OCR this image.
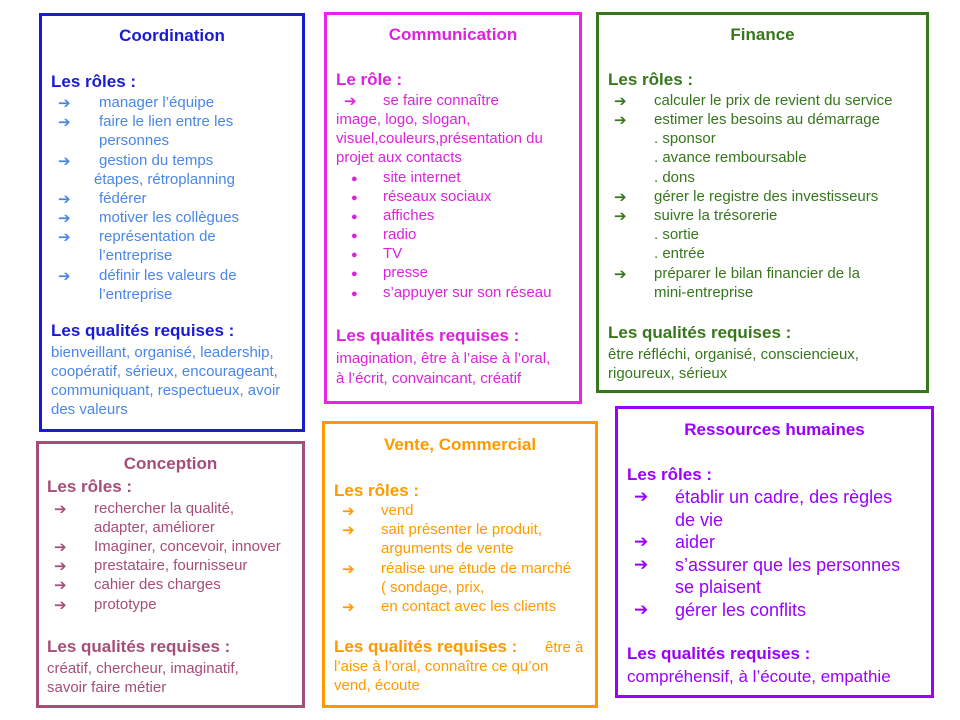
Coordination
Les rôles :
➔ manager l’équipe
➔ faire le lien entre les
personnes
➔ gestion du temps
étapes, rétroplanning
➔ fédérer
➔ motiver les collègues
➔ représentation de
l’entreprise
➔ définir les valeurs de
l’entreprise
Les qualités requises :
bienveillant, organisé, leadership,
coopératif, sérieux, encourageant,
communiquant, respectueux, avoir
des valeurs
Communication
Le rôle :
➔ se faire connaître
image, logo, slogan,
visuel,couleurs,présentation du
projet aux contacts
● site internet
● réseaux sociaux
● affiches
● radio
● TV
● presse
● s’appuyer sur son réseau
Les qualités requises :
imagination, être à l’aise à l’oral,
à l’écrit, convaincant, créatif
Finance
Les rôles :
➔ calculer le prix de revient du service
➔ estimer les besoins au démarrage
. sponsor
. avance remboursable
. dons
➔ gérer le registre des investisseurs
➔ suivre la trésorerie
. sortie
. entrée
➔ préparer le bilan financier de la
mini-entreprise
Les qualités requises :
être réfléchi, organisé, consciencieux,
rigoureux, sérieux
Conception
Les rôles :
➔ rechercher la qualité,
adapter, améliorer
➔ Imaginer, concevoir, innover
➔ prestataire, fournisseur
➔ cahier des charges
➔ prototype
Les qualités requises :
créatif, chercheur, imaginatif,
savoir faire métier
Vente, Commercial
Les rôles :
➔ vend
➔ sait présenter le produit,
arguments de vente
➔ réalise une étude de marché
( sondage, prix,
➔ en contact avec les clients
Les qualités requises : être à
l’aise à l’oral, connaître ce qu’on
vend, écoute
Ressources humaines
Les rôles :
➔ établir un cadre, des règles
de vie
➔ aider
➔ s’assurer que les personnes
se plaisent
➔ gérer les conflits
Les qualités requises :
compréhensif, à l’écoute, empathie
